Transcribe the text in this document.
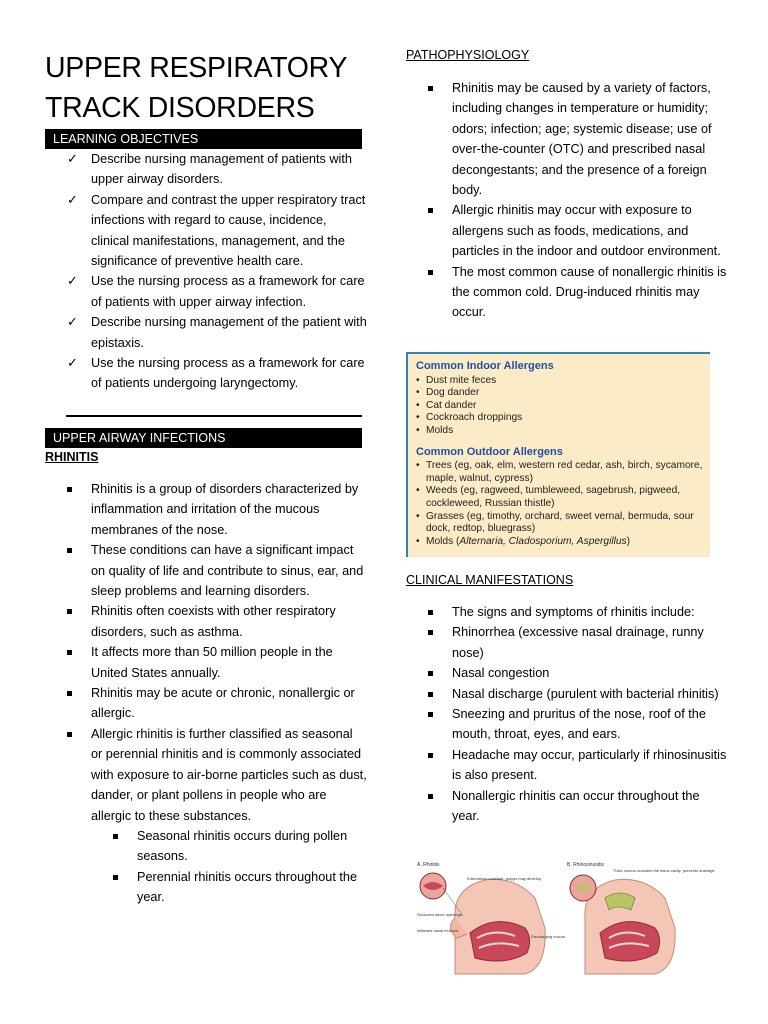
UPPER RESPIRATORY
TRACK DISORDERS
LEARNING OBJECTIVES
✓ Describe nursing management of patients with upper airway disorders.
✓ Compare and contrast the upper respiratory tract infections with regard to cause, incidence, clinical manifestations, management, and the significance of preventive health care.
✓ Use the nursing process as a framework for care of patients with upper airway infection.
✓ Describe nursing management of the patient with epistaxis.
✓ Use the nursing process as a framework for care of patients undergoing laryngectomy.
UPPER AIRWAY INFECTIONS
RHINITIS
Rhinitis is a group of disorders characterized by inflammation and irritation of the mucous membranes of the nose.
These conditions can have a significant impact on quality of life and contribute to sinus, ear, and sleep problems and learning disorders.
Rhinitis often coexists with other respiratory disorders, such as asthma.
It affects more than 50 million people in the United States annually.
Rhinitis may be acute or chronic, nonallergic or allergic.
Allergic rhinitis is further classified as seasonal or perennial rhinitis and is commonly associated with exposure to air-borne particles such as dust, dander, or plant pollens in people who are allergic to these substances.
Seasonal rhinitis occurs during pollen seasons.
Perennial rhinitis occurs throughout the year.
PATHOPHYSIOLOGY
Rhinitis may be caused by a variety of factors, including changes in temperature or humidity; odors; infection; age; systemic disease; use of over-the-counter (OTC) and prescribed nasal decongestants; and the presence of a foreign body.
Allergic rhinitis may occur with exposure to allergens such as foods, medications, and particles in the indoor and outdoor environment.
The most common cause of nonallergic rhinitis is the common cold. Drug-induced rhinitis may occur.
Common Indoor Allergens
• Dust mite feces
• Dog dander
• Cat dander
• Cockroach droppings
• Molds
Common Outdoor Allergens
• Trees (eg, oak, elm, western red cedar, ash, birch, sycamore, maple, walnut, cypress)
• Weeds (eg, ragweed, tumbleweed, sagebrush, pigweed, cockleweed, Russian thistle)
• Grasses (eg, timothy, orchard, sweet vernal, bermuda, sour dock, redtop, bluegrass)
• Molds (Alternaria, Cladosporium, Aspergillus)
CLINICAL MANIFESTATIONS
The signs and symptoms of rhinitis include:
Rhinorrhea (excessive nasal drainage, runny nose)
Nasal congestion
Nasal discharge (purulent with bacterial rhinitis)
Sneezing and pruritus of the nose, roof of the mouth, throat, eyes, and ears.
Headache may occur, particularly if rhinosinusitis is also present.
Nonallergic rhinitis can occur throughout the year.
A. Rhinitis
Edematous conchae, polyps may develop
Occluded sinus openings
Inflamed nasal mucosa
Discharging mucus
B. Rhinosinusitis
Thick mucus occludes the sinus cavity, prevents drainage
